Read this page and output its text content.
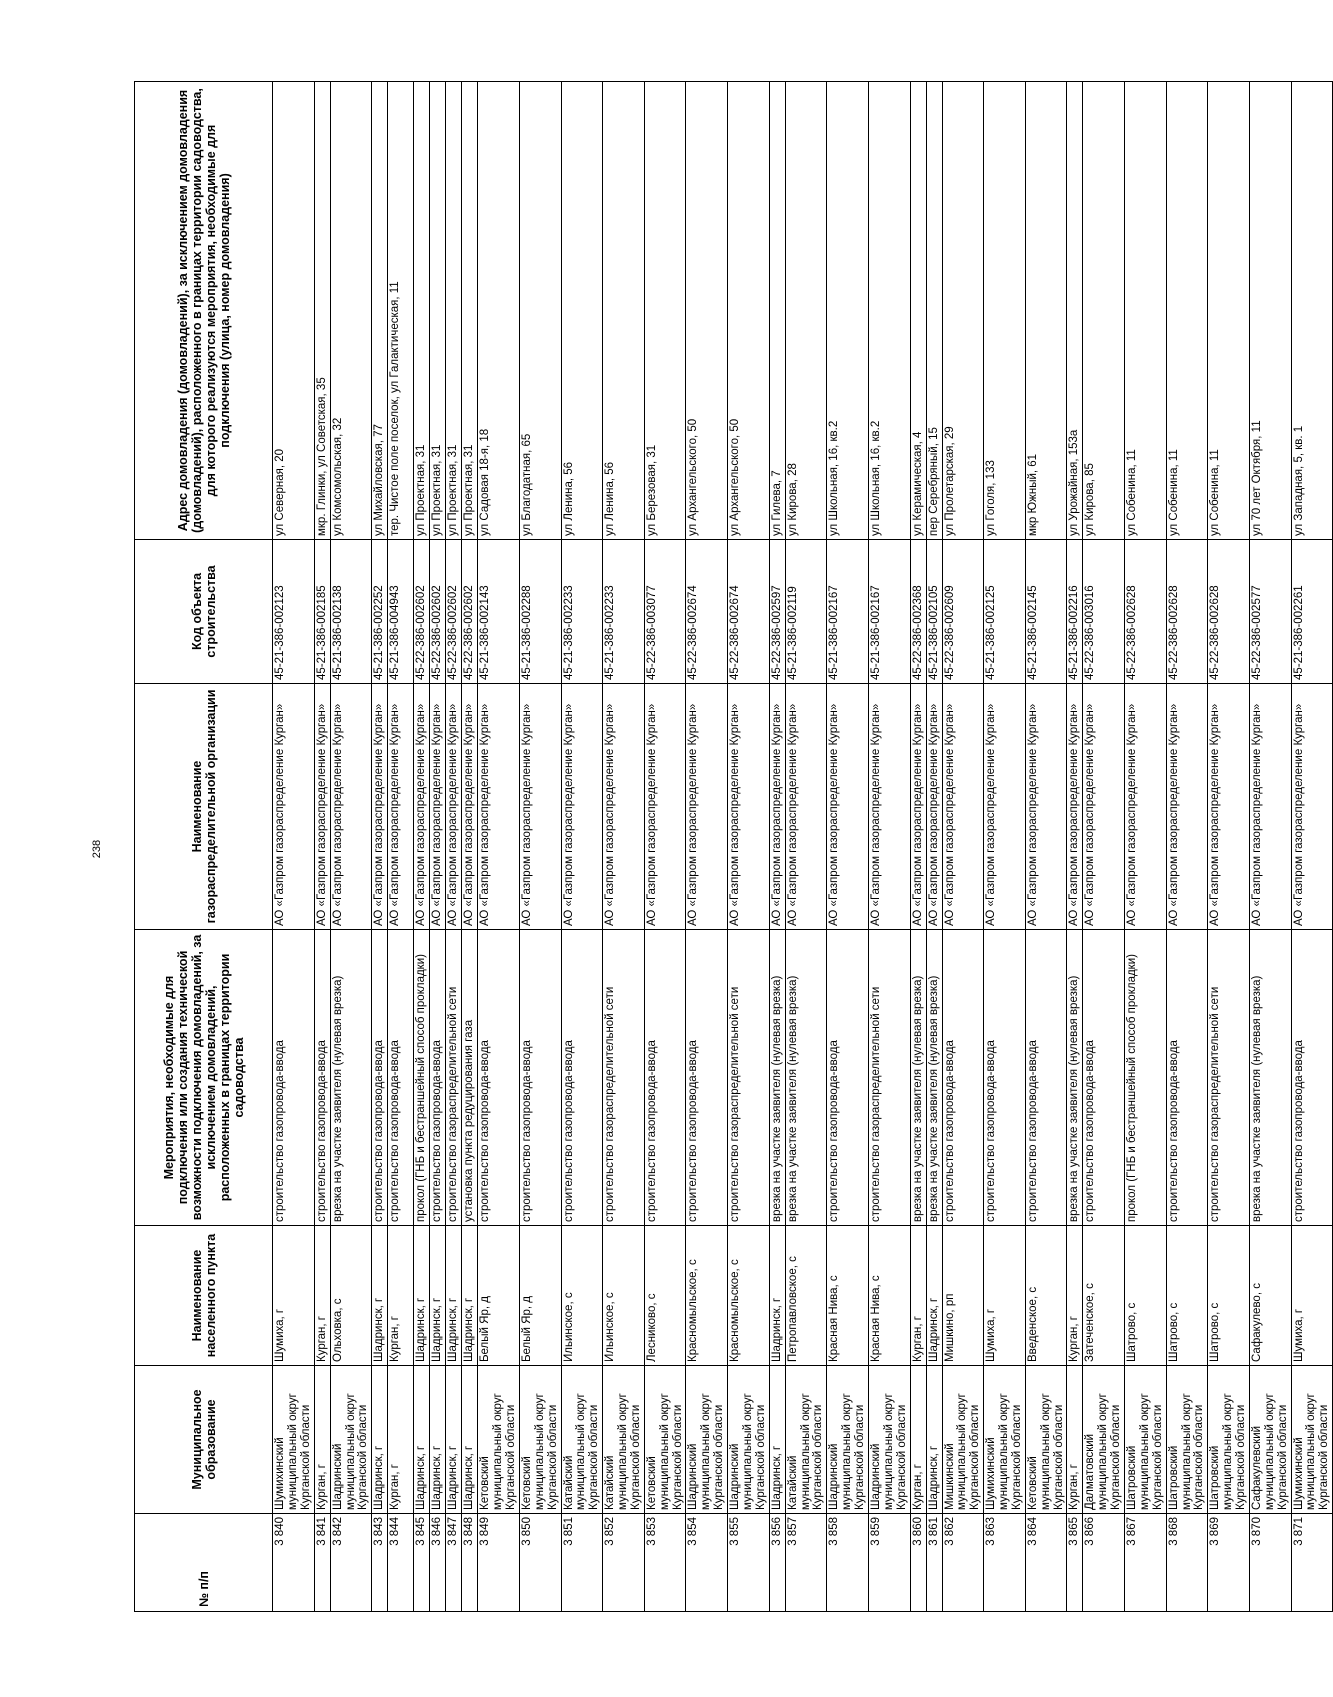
238
№ п/п	Муниципальное образование	Наименование населенного пункта	Мероприятия, необходимые для подключения или создания технической возможности подключения домовладений, за исключением домовладений, расположенных в границах территории садоводства	Наименование газораспределительной организации	Код объекта строительства	Адрес домовладения (домовладений), за исключением домовладения (домовладений), расположенного в границах территории садоводства, для которого реализуются мероприятия, необходимые для подключения (улица, номер домовладения)
3 840	Шумихинский муниципальный округ Курганской области	Шумиха, г	строительство газопровода-ввода	АО «Газпром газораспределение Курган»	45-21-386-002123	ул Северная, 20
3 841	Курган, г	Курган, г	строительство газопровода-ввода	АО «Газпром газораспределение Курган»	45-21-386-002185	мкр. Глинки, ул Советская, 35
3 842	Шадринский муниципальный округ Курганской области	Ольховка, с	врезка на участке заявителя (нулевая врезка)	АО «Газпром газораспределение Курган»	45-21-386-002138	ул Комсомольская, 32
3 843	Шадринск, г	Шадринск, г	строительство газопровода-ввода	АО «Газпром газораспределение Курган»	45-21-386-002252	ул Михайловская, 77
3 844	Курган, г	Курган, г	строительство газопровода-ввода	АО «Газпром газораспределение Курган»	45-21-386-004943	тер. Чистое поле поселок, ул Галактическая, 11
3 845	Шадринск, г	Шадринск, г	прокол (ГНБ и бестраншейный способ прокладки)	АО «Газпром газораспределение Курган»	45-22-386-002602	ул Проектная, 31
3 846	Шадринск, г	Шадринск, г	строительство газопровода-ввода	АО «Газпром газораспределение Курган»	45-22-386-002602	ул Проектная, 31
3 847	Шадринск, г	Шадринск, г	строительство газораспределительной сети	АО «Газпром газораспределение Курган»	45-22-386-002602	ул Проектная, 31
3 848	Шадринск, г	Шадринск, г	установка пункта редуцирования газа	АО «Газпром газораспределение Курган»	45-22-386-002602	ул Проектная, 31
3 849	Кетовский муниципальный округ Курганской области	Белый Яр, д	строительство газопровода-ввода	АО «Газпром газораспределение Курган»	45-21-386-002143	ул Садовая 18-я, 18
3 850	Кетовский муниципальный округ Курганской области	Белый Яр, д	строительство газопровода-ввода	АО «Газпром газораспределение Курган»	45-21-386-002288	ул Благодатная, 65
3 851	Катайский муниципальный округ Курганской области	Ильинское, с	строительство газопровода-ввода	АО «Газпром газораспределение Курган»	45-21-386-002233	ул Ленина, 56
3 852	Катайский муниципальный округ Курганской области	Ильинское, с	строительство газораспределительной сети	АО «Газпром газораспределение Курган»	45-21-386-002233	ул Ленина, 56
3 853	Кетовский муниципальный округ Курганской области	Лесниково, с	строительство газопровода-ввода	АО «Газпром газораспределение Курган»	45-22-386-003077	ул Березовая, 31
3 854	Шадринский муниципальный округ Курганской области	Красномыльское, с	строительство газопровода-ввода	АО «Газпром газораспределение Курган»	45-22-386-002674	ул Архангельского, 50
3 855	Шадринский муниципальный округ Курганской области	Красномыльское, с	строительство газораспределительной сети	АО «Газпром газораспределение Курган»	45-22-386-002674	ул Архангельского, 50
3 856	Шадринск, г	Шадринск, г	врезка на участке заявителя (нулевая врезка)	АО «Газпром газораспределение Курган»	45-22-386-002597	ул Гилева, 7
3 857	Катайский муниципальный округ Курганской области	Петропавловское, с	врезка на участке заявителя (нулевая врезка)	АО «Газпром газораспределение Курган»	45-21-386-002119	ул Кирова, 28
3 858	Шадринский муниципальный округ Курганской области	Красная Нива, с	строительство газопровода-ввода	АО «Газпром газораспределение Курган»	45-21-386-002167	ул Школьная, 16, кв.2
3 859	Шадринский муниципальный округ Курганской области	Красная Нива, с	строительство газораспределительной сети	АО «Газпром газораспределение Курган»	45-21-386-002167	ул Школьная, 16, кв.2
3 860	Курган, г	Курган, г	врезка на участке заявителя (нулевая врезка)	АО «Газпром газораспределение Курган»	45-22-386-002368	ул Керамическая, 4
3 861	Шадринск, г	Шадринск, г	врезка на участке заявителя (нулевая врезка)	АО «Газпром газораспределение Курган»	45-21-386-002105	пер Серебряный, 15
3 862	Мишкинский муниципальный округ Курганской области	Мишкино, рп	строительство газопровода-ввода	АО «Газпром газораспределение Курган»	45-22-386-002609	ул Пролетарская, 29
3 863	Шумихинский муниципальный округ Курганской области	Шумиха, г	строительство газопровода-ввода	АО «Газпром газораспределение Курган»	45-21-386-002125	ул Гоголя, 133
3 864	Кетовский муниципальный округ Курганской области	Введенское, с	строительство газопровода-ввода	АО «Газпром газораспределение Курган»	45-21-386-002145	мкр Южный, 61
3 865	Курган, г	Курган, г	врезка на участке заявителя (нулевая врезка)	АО «Газпром газораспределение Курган»	45-21-386-002216	ул Урожайная, 153а
3 866	Далматовский муниципальный округ Курганской области	Затеченское, с	строительство газопровода-ввода	АО «Газпром газораспределение Курган»	45-22-386-003016	ул Кирова, 85
3 867	Шатровский муниципальный округ Курганской области	Шатрово, с	прокол (ГНБ и бестраншейный способ прокладки)	АО «Газпром газораспределение Курган»	45-22-386-002628	ул Собенина, 11
3 868	Шатровский муниципальный округ Курганской области	Шатрово, с	строительство газопровода-ввода	АО «Газпром газораспределение Курган»	45-22-386-002628	ул Собенина, 11
3 869	Шатровский муниципальный округ Курганской области	Шатрово, с	строительство газораспределительной сети	АО «Газпром газораспределение Курган»	45-22-386-002628	ул Собенина, 11
3 870	Сафакулевский муниципальный округ Курганской области	Сафакулево, с	врезка на участке заявителя (нулевая врезка)	АО «Газпром газораспределение Курган»	45-22-386-002577	ул 70 лет Октября, 11
3 871	Шумихинский муниципальный округ Курганской области	Шумиха, г	строительство газопровода-ввода	АО «Газпром газораспределение Курган»	45-21-386-002261	ул Западная, 5, кв. 1
